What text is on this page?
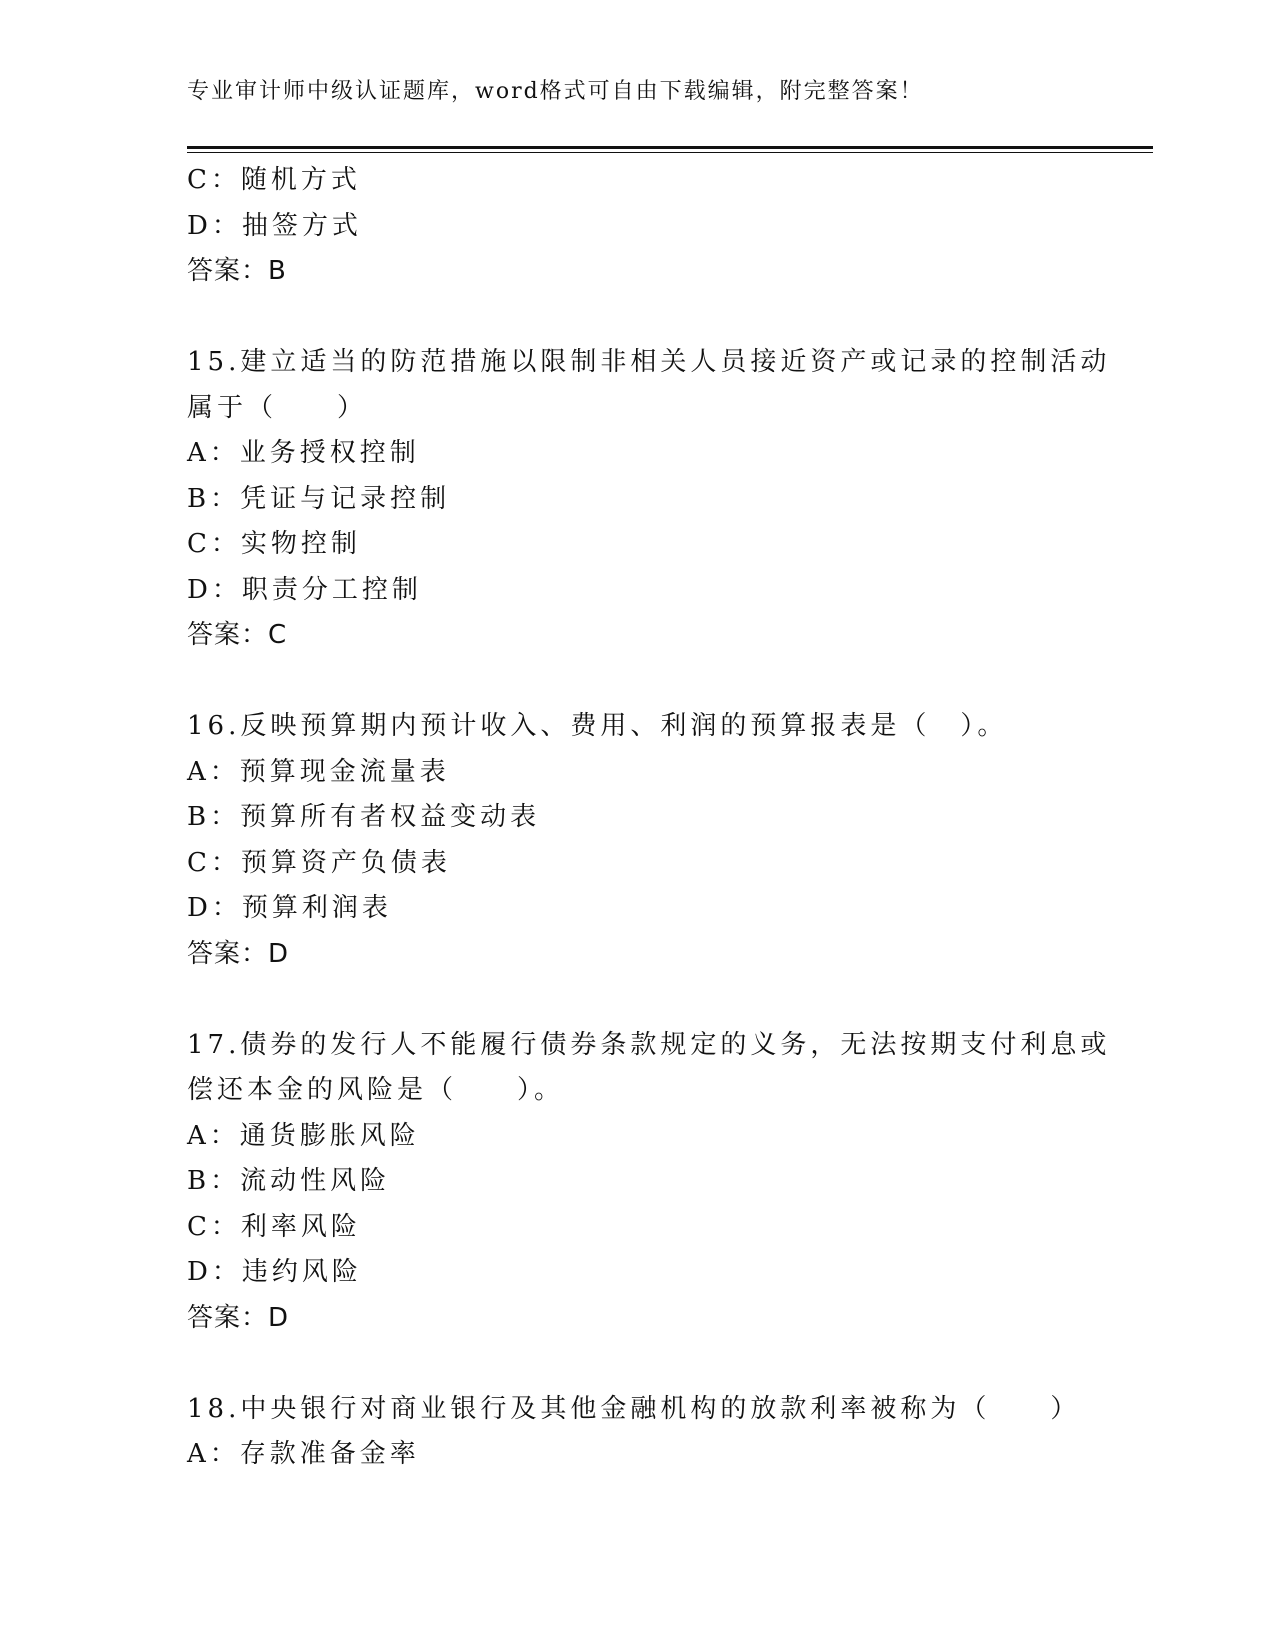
专业审计师中级认证题库，word格式可自由下载编辑，附完整答案！
C：随机方式
D：抽签方式
答案：B
15.建立适当的防范措施以限制非相关人员接近资产或记录的控制活动
属于（　　）
A：业务授权控制
B：凭证与记录控制
C：实物控制
D：职责分工控制
答案：C
16.反映预算期内预计收入、费用、利润的预算报表是（　）。
A：预算现金流量表
B：预算所有者权益变动表
C：预算资产负债表
D：预算利润表
答案：D
17.债券的发行人不能履行债券条款规定的义务，无法按期支付利息或
偿还本金的风险是（　　）。
A：通货膨胀风险
B：流动性风险
C：利率风险
D：违约风险
答案：D
18.中央银行对商业银行及其他金融机构的放款利率被称为（　　）
A：存款准备金率
